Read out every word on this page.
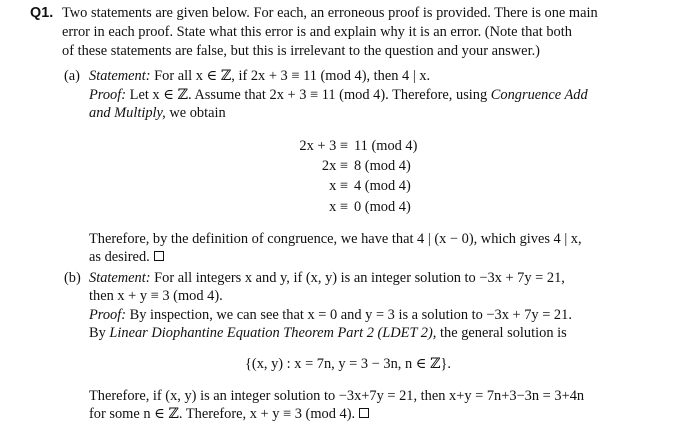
Q1. Two statements are given below. For each, an erroneous proof is provided. There is one main
error in each proof. State what this error is and explain why it is an error. (Note that both
of these statements are false, but this is irrelevant to the question and your answer.)
(a) Statement: For all x ∈ ℤ, if 2x + 3 ≡ 11 (mod 4), then 4 | x.
Proof: Let x ∈ ℤ. Assume that 2x + 3 ≡ 11 (mod 4). Therefore, using Congruence Add
and Multiply, we obtain
2x + 3 ≡ 11 (mod 4)
2x ≡ 8 (mod 4)
x ≡ 4 (mod 4)
x ≡ 0 (mod 4)
Therefore, by the definition of congruence, we have that 4 | (x − 0), which gives 4 | x,
as desired.
(b) Statement: For all integers x and y, if (x, y) is an integer solution to −3x + 7y = 21,
then x + y ≡ 3 (mod 4).
Proof: By inspection, we can see that x = 0 and y = 3 is a solution to −3x + 7y = 21.
By Linear Diophantine Equation Theorem Part 2 (LDET 2), the general solution is
{(x, y) : x = 7n, y = 3 − 3n, n ∈ ℤ}.
Therefore, if (x, y) is an integer solution to −3x+7y = 21, then x+y = 7n+3−3n = 3+4n
for some n ∈ ℤ. Therefore, x + y ≡ 3 (mod 4).
